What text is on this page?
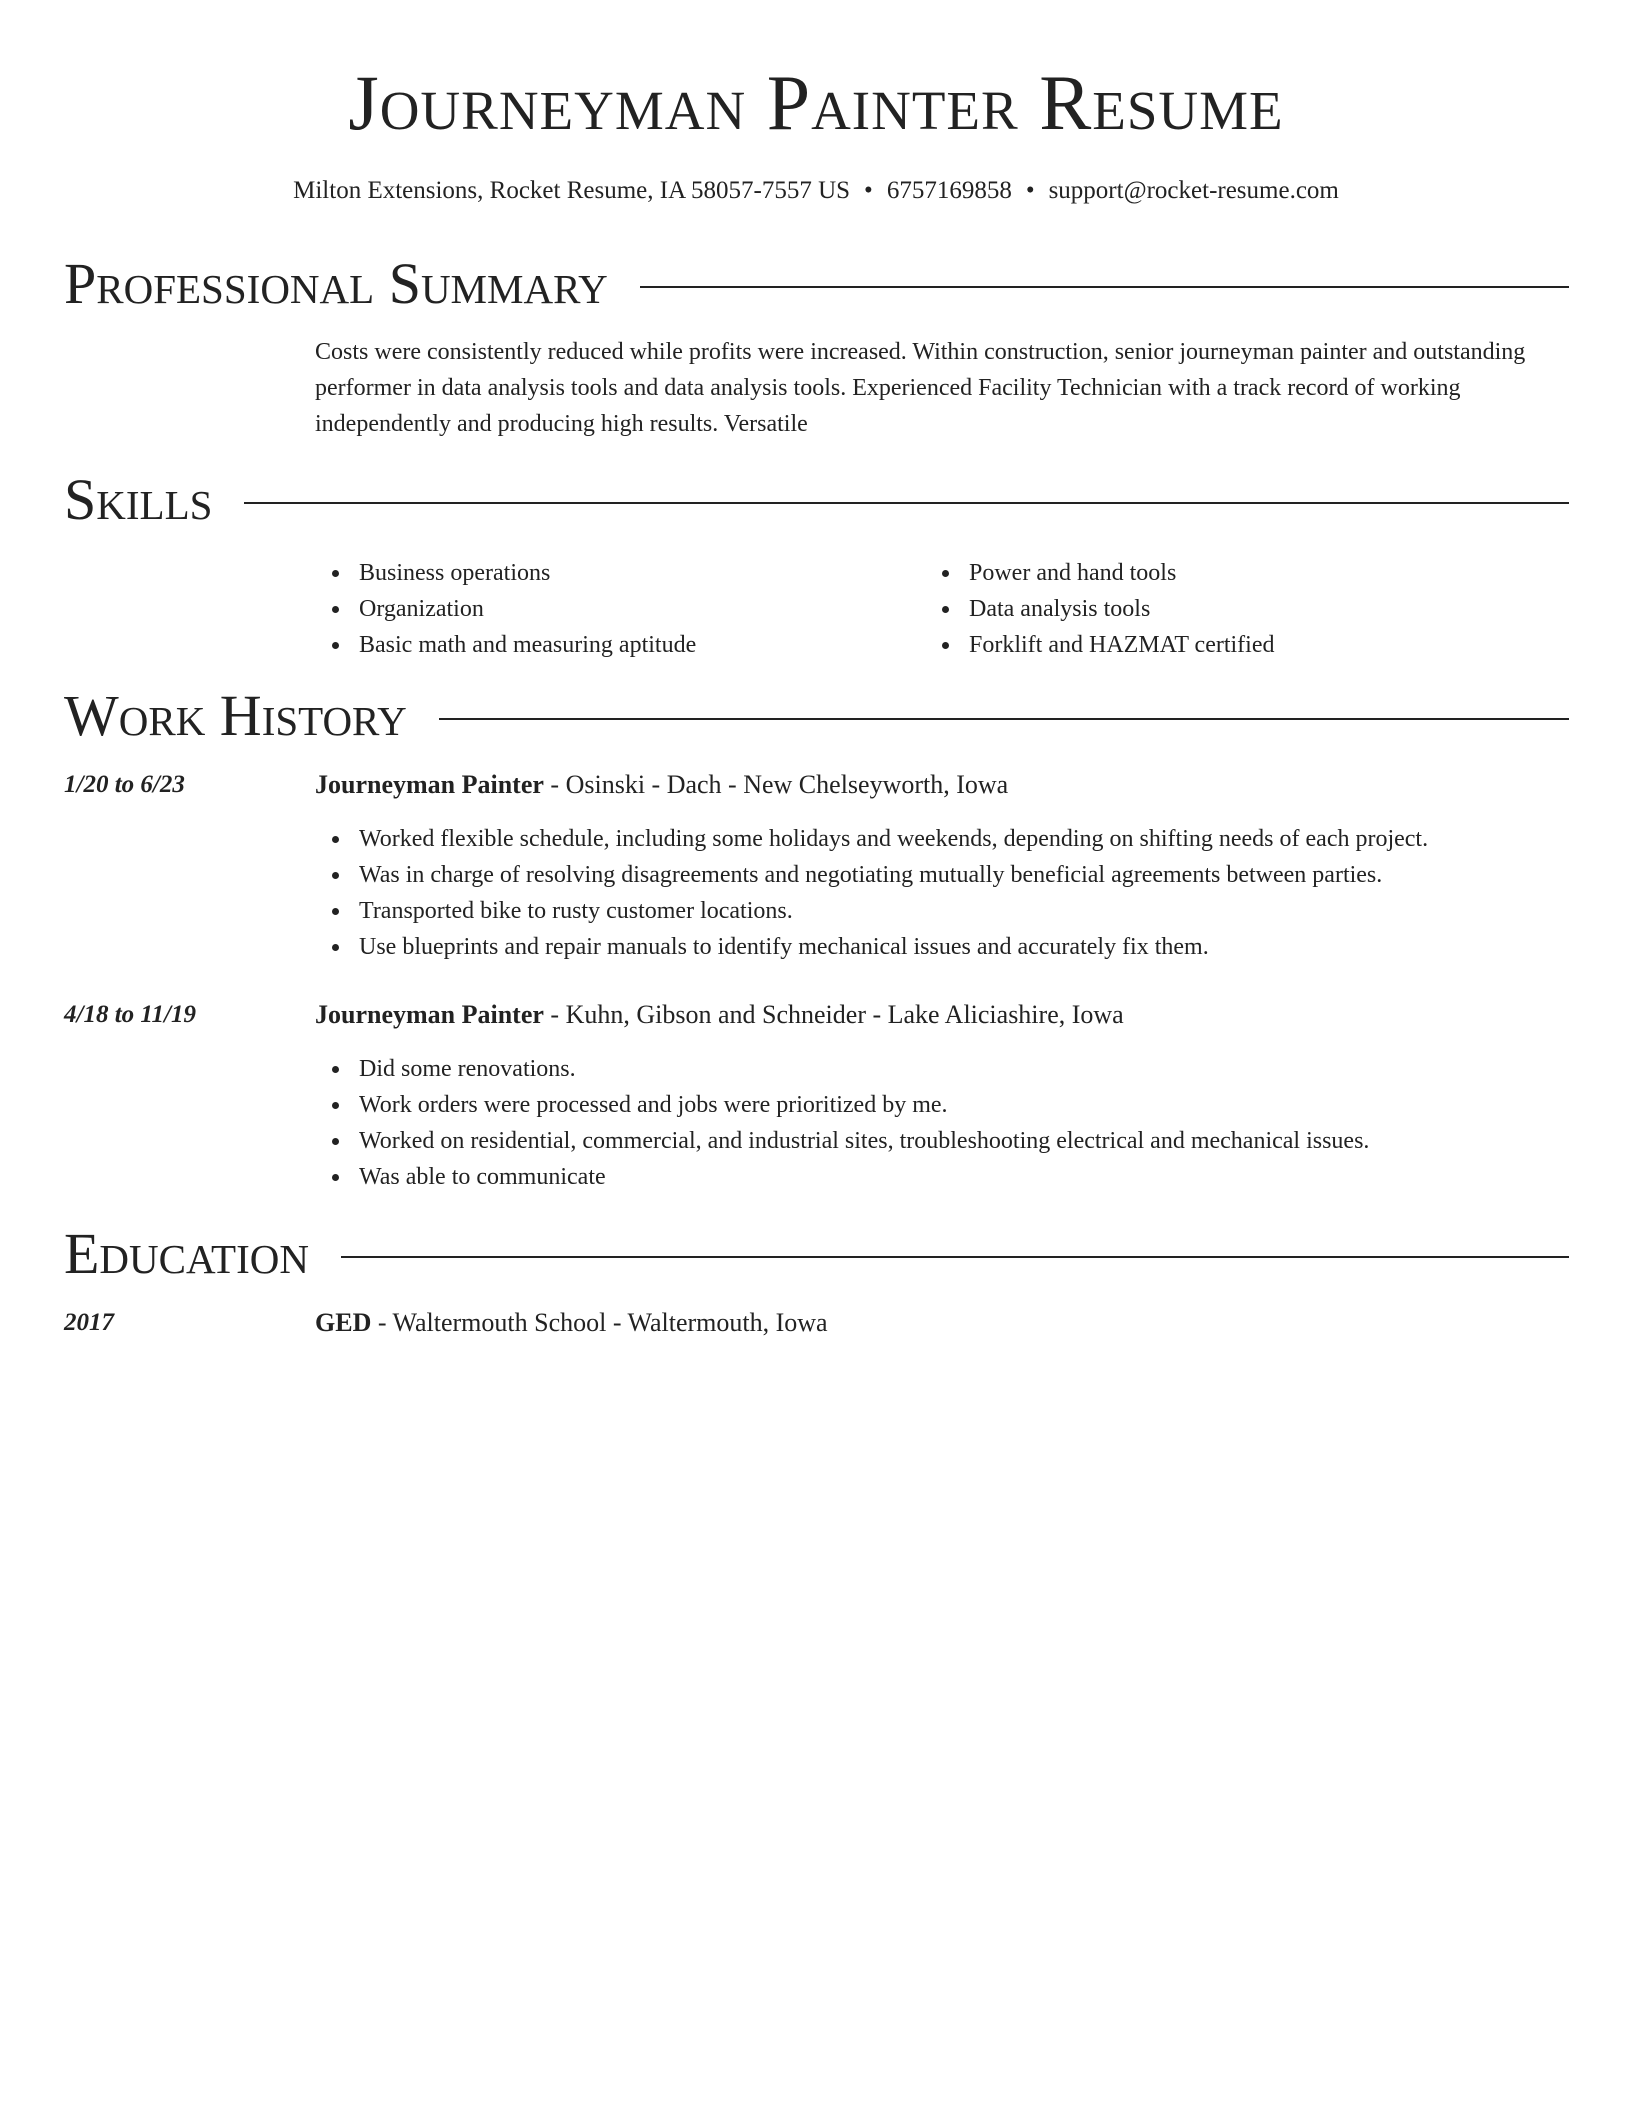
Journeyman Painter Resume
Milton Extensions, Rocket Resume, IA 58057-7557 US • 6757169858 • support@rocket-resume.com
Professional Summary
Costs were consistently reduced while profits were increased. Within construction, senior journeyman painter and outstanding performer in data analysis tools and data analysis tools. Experienced Facility Technician with a track record of working independently and producing high results. Versatile
Skills
Business operations
Organization
Basic math and measuring aptitude
Power and hand tools
Data analysis tools
Forklift and HAZMAT certified
Work History
1/20 to 6/23	Journeyman Painter - Osinski - Dach - New Chelseyworth, Iowa
Worked flexible schedule, including some holidays and weekends, depending on shifting needs of each project.
Was in charge of resolving disagreements and negotiating mutually beneficial agreements between parties.
Transported bike to rusty customer locations.
Use blueprints and repair manuals to identify mechanical issues and accurately fix them.
4/18 to 11/19	Journeyman Painter - Kuhn, Gibson and Schneider - Lake Aliciashire, Iowa
Did some renovations.
Work orders were processed and jobs were prioritized by me.
Worked on residential, commercial, and industrial sites, troubleshooting electrical and mechanical issues.
Was able to communicate
Education
2017	GED - Waltermouth School - Waltermouth, Iowa
